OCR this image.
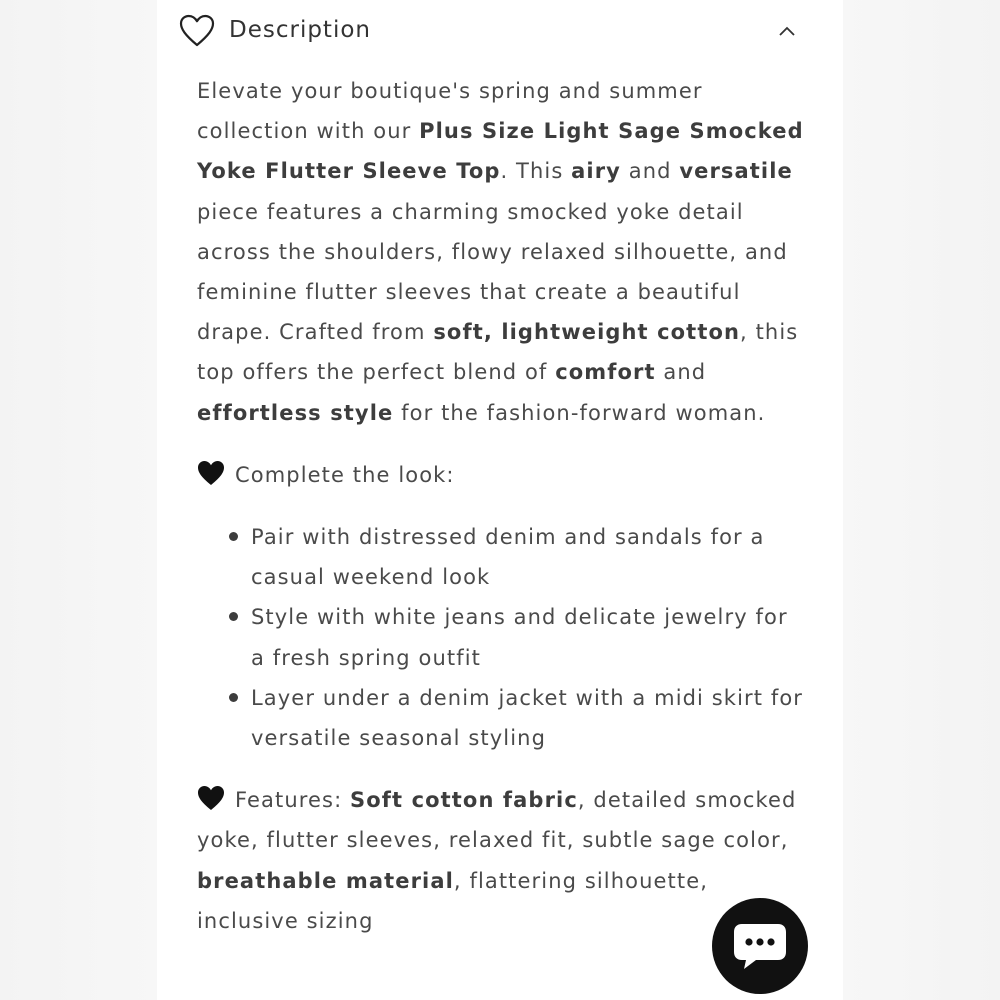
Description

Elevate your boutique's spring and summer collection with our Plus Size Light Sage Smocked Yoke Flutter Sleeve Top. This airy and versatile piece features a charming smocked yoke detail across the shoulders, flowy relaxed silhouette, and feminine flutter sleeves that create a beautiful drape. Crafted from soft, lightweight cotton, this top offers the perfect blend of comfort and effortless style for the fashion-forward woman.

Complete the look:

Pair with distressed denim and sandals for a casual weekend look
Style with white jeans and delicate jewelry for a fresh spring outfit
Layer under a denim jacket with a midi skirt for versatile seasonal styling

Features: Soft cotton fabric, detailed smocked yoke, flutter sleeves, relaxed fit, subtle sage color, breathable material, flattering silhouette, inclusive sizing
